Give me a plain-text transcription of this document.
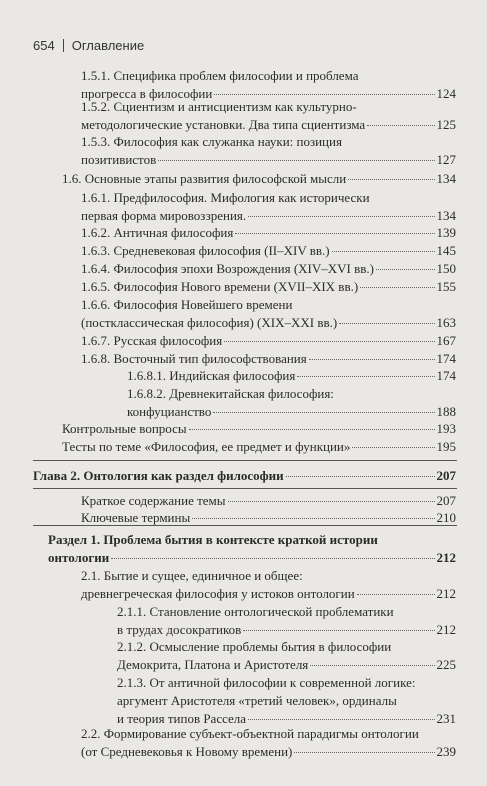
654 Оглавление
1.5.1. Специфика проблем философии и проблема
прогресса в философии	124
1.5.2. Сциентизм и антисциентизм как культурно-
методологические установки. Два типа сциентизма	125
1.5.3. Философия как служанка науки: позиция
позитивистов	127
1.6. Основные этапы развития философской мысли	134
1.6.1. Предфилософия. Мифология как исторически
первая форма мировоззрения.	134
1.6.2. Античная философия	139
1.6.3. Средневековая философия (II–XIV вв.)	145
1.6.4. Философия эпохи Возрождения (XIV–XVI вв.)	150
1.6.5. Философия Нового времени (XVII–XIX вв.)	155
1.6.6. Философия Новейшего времени
(постклассическая философия) (XIX–XXI вв.)	163
1.6.7. Русская философия	167
1.6.8. Восточный тип философствования	174
1.6.8.1. Индийская философия	174
1.6.8.2. Древнекитайская философия:
конфуцианство	188
Контрольные вопросы	193
Тесты по теме «Философия, ее предмет и функции»	195
Глава 2. Онтология как раздел философии	207
Краткое содержание темы	207
Ключевые термины	210
Раздел 1. Проблема бытия в контексте краткой истории
онтологии	212
2.1. Бытие и сущее, единичное и общее:
древнегреческая философия у истоков онтологии	212
2.1.1. Становление онтологической проблематики
в трудах досократиков	212
2.1.2. Осмысление проблемы бытия в философии
Демокрита, Платона и Аристотеля	225
2.1.3. От античной философии к современной логике:
аргумент Аристотеля «третий человек», ординалы
и теория типов Рассела	231
2.2. Формирование субъект-объектной парадигмы онтологии
(от Средневековья к Новому времени)	239
